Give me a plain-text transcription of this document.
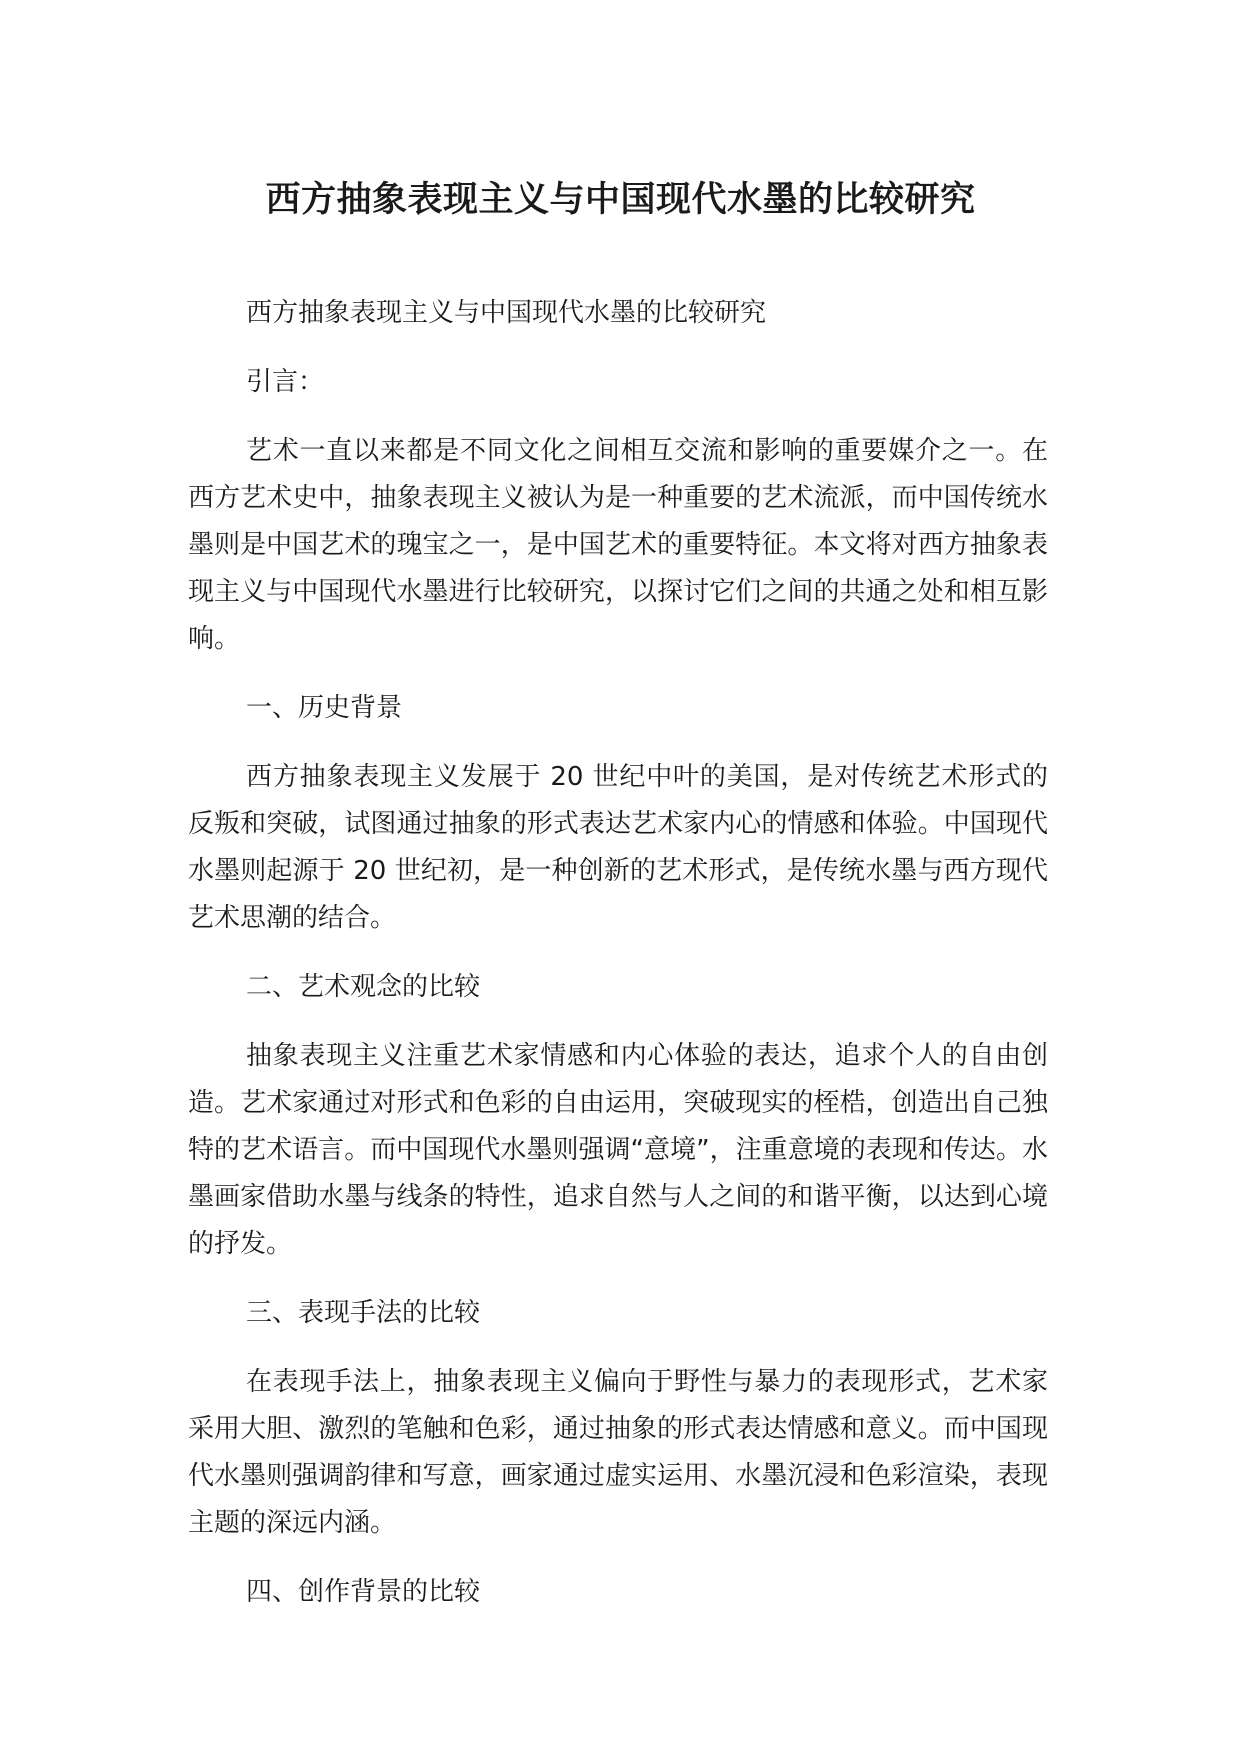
西方抽象表现主义与中国现代水墨的比较研究

西方抽象表现主义与中国现代水墨的比较研究

引言：

艺术一直以来都是不同文化之间相互交流和影响的重要媒介之一。在西方艺术史中，抽象表现主义被认为是一种重要的艺术流派，而中国传统水墨则是中国艺术的瑰宝之一，是中国艺术的重要特征。本文将对西方抽象表现主义与中国现代水墨进行比较研究，以探讨它们之间的共通之处和相互影响。

一、历史背景

西方抽象表现主义发展于 20 世纪中叶的美国，是对传统艺术形式的反叛和突破，试图通过抽象的形式表达艺术家内心的情感和体验。中国现代水墨则起源于 20 世纪初，是一种创新的艺术形式，是传统水墨与西方现代艺术思潮的结合。

二、艺术观念的比较

抽象表现主义注重艺术家情感和内心体验的表达，追求个人的自由创造。艺术家通过对形式和色彩的自由运用，突破现实的桎梏，创造出自己独特的艺术语言。而中国现代水墨则强调“意境”，注重意境的表现和传达。水墨画家借助水墨与线条的特性，追求自然与人之间的和谐平衡，以达到心境的抒发。

三、表现手法的比较

在表现手法上，抽象表现主义偏向于野性与暴力的表现形式，艺术家采用大胆、激烈的笔触和色彩，通过抽象的形式表达情感和意义。而中国现代水墨则强调韵律和写意，画家通过虚实运用、水墨沉浸和色彩渲染，表现主题的深远内涵。

四、创作背景的比较
